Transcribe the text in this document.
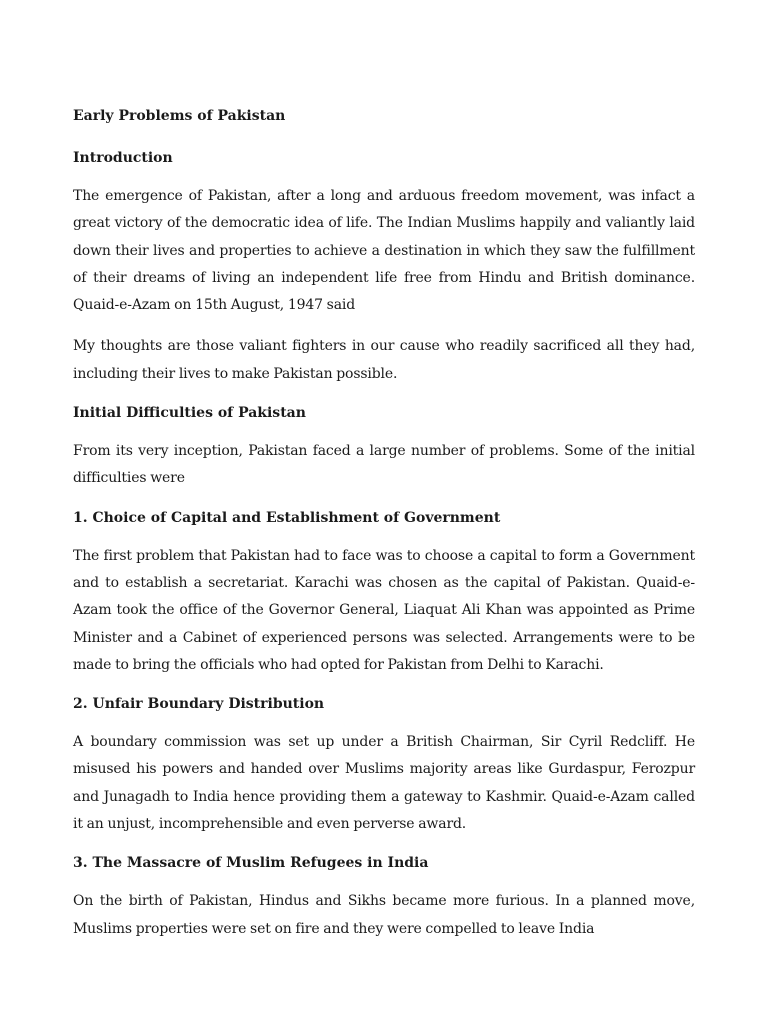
Early Problems of Pakistan

Introduction

The emergence of Pakistan, after a long and arduous freedom movement, was infact a great victory of the democratic idea of life. The Indian Muslims happily and valiantly laid down their lives and properties to achieve a destination in which they saw the fulfillment of their dreams of living an independent life free from Hindu and British dominance. Quaid-e-Azam on 15th August, 1947 said

My thoughts are those valiant fighters in our cause who readily sacrificed all they had, including their lives to make Pakistan possible.

Initial Difficulties of Pakistan

From its very inception, Pakistan faced a large number of problems. Some of the initial difficulties were

1. Choice of Capital and Establishment of Government

The first problem that Pakistan had to face was to choose a capital to form a Government and to establish a secretariat. Karachi was chosen as the capital of Pakistan. Quaid-e-Azam took the office of the Governor General, Liaquat Ali Khan was appointed as Prime Minister and a Cabinet of experienced persons was selected. Arrangements were to be made to bring the officials who had opted for Pakistan from Delhi to Karachi.

2. Unfair Boundary Distribution

A boundary commission was set up under a British Chairman, Sir Cyril Redcliff. He misused his powers and handed over Muslims majority areas like Gurdaspur, Ferozpur and Junagadh to India hence providing them a gateway to Kashmir. Quaid-e-Azam called it an unjust, incomprehensible and even perverse award.

3. The Massacre of Muslim Refugees in India

On the birth of Pakistan, Hindus and Sikhs became more furious. In a planned move, Muslims properties were set on fire and they were compelled to leave India
